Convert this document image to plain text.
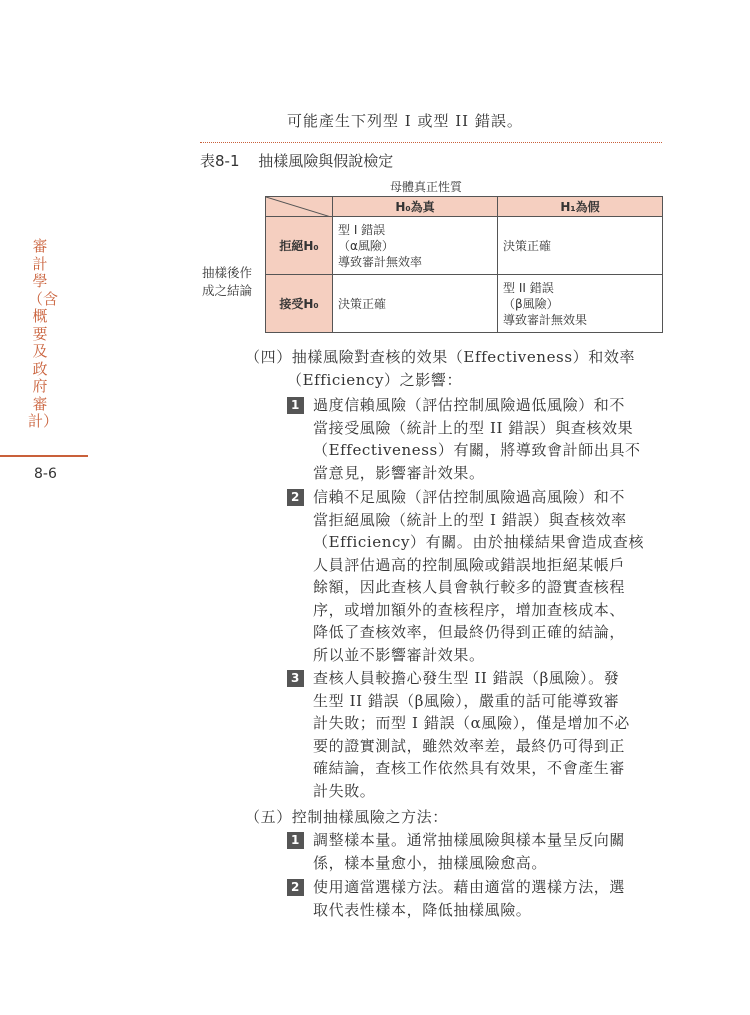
審計學（含概要及政府審計）
8-6
可能產生下列型 I 或型 II 錯誤。
表8-1 抽樣風險與假說檢定
母體真正性質
抽樣後作
成之結論
	H₀為真	H₁為假
拒絕H₀	型 I 錯誤
（α風險）
導致審計無效率	決策正確

接受H₀	決策正確	型 II 錯誤
（β風險）
導致審計無效果
（四）抽樣風險對查核的效果（Effectiveness）和效率
（Efficiency）之影響：
1 過度信賴風險（評估控制風險過低風險）和不
當接受風險（統計上的型 II 錯誤）與查核效果
（Effectiveness）有關，將導致會計師出具不
當意見，影響審計效果。
2 信賴不足風險（評估控制風險過高風險）和不
當拒絕風險（統計上的型 I 錯誤）與查核效率
（Efficiency）有關。由於抽樣結果會造成查核
人員評估過高的控制風險或錯誤地拒絕某帳戶
餘額，因此查核人員會執行較多的證實查核程
序，或增加額外的查核程序，增加查核成本、
降低了查核效率，但最終仍得到正確的結論，
所以並不影響審計效果。
3 查核人員較擔心發生型 II 錯誤（β風險）。發
生型 II 錯誤（β風險），嚴重的話可能導致審
計失敗；而型 I 錯誤（α風險），僅是增加不必
要的證實測試，雖然效率差，最終仍可得到正
確結論，查核工作依然具有效果，不會產生審
計失敗。
（五）控制抽樣風險之方法：
1 調整樣本量。通常抽樣風險與樣本量呈反向關
係，樣本量愈小，抽樣風險愈高。
2 使用適當選樣方法。藉由適當的選樣方法，選
取代表性樣本，降低抽樣風險。
